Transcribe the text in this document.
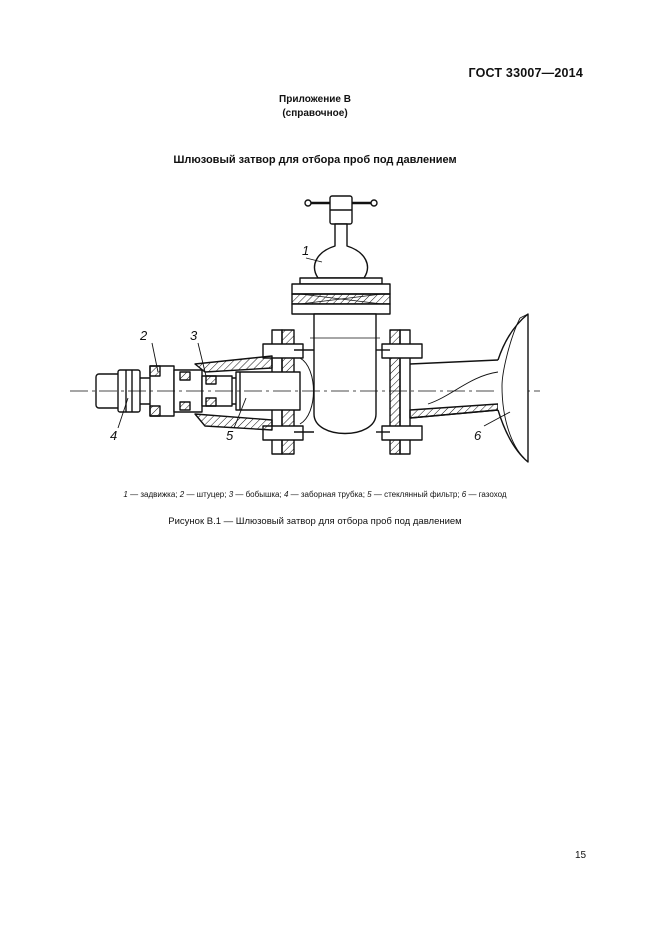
ГОСТ 33007—2014
Приложение В
(справочное)
Шлюзовый затвор для отбора проб под давлением
1
2	3
4	5	6
1 — задвижка; 2 — штуцер; 3 — бобышка; 4 — заборная трубка; 5 — стеклянный фильтр; 6 — газоход
Рисунок В.1 — Шлюзовый затвор для отбора проб под давлением
15
